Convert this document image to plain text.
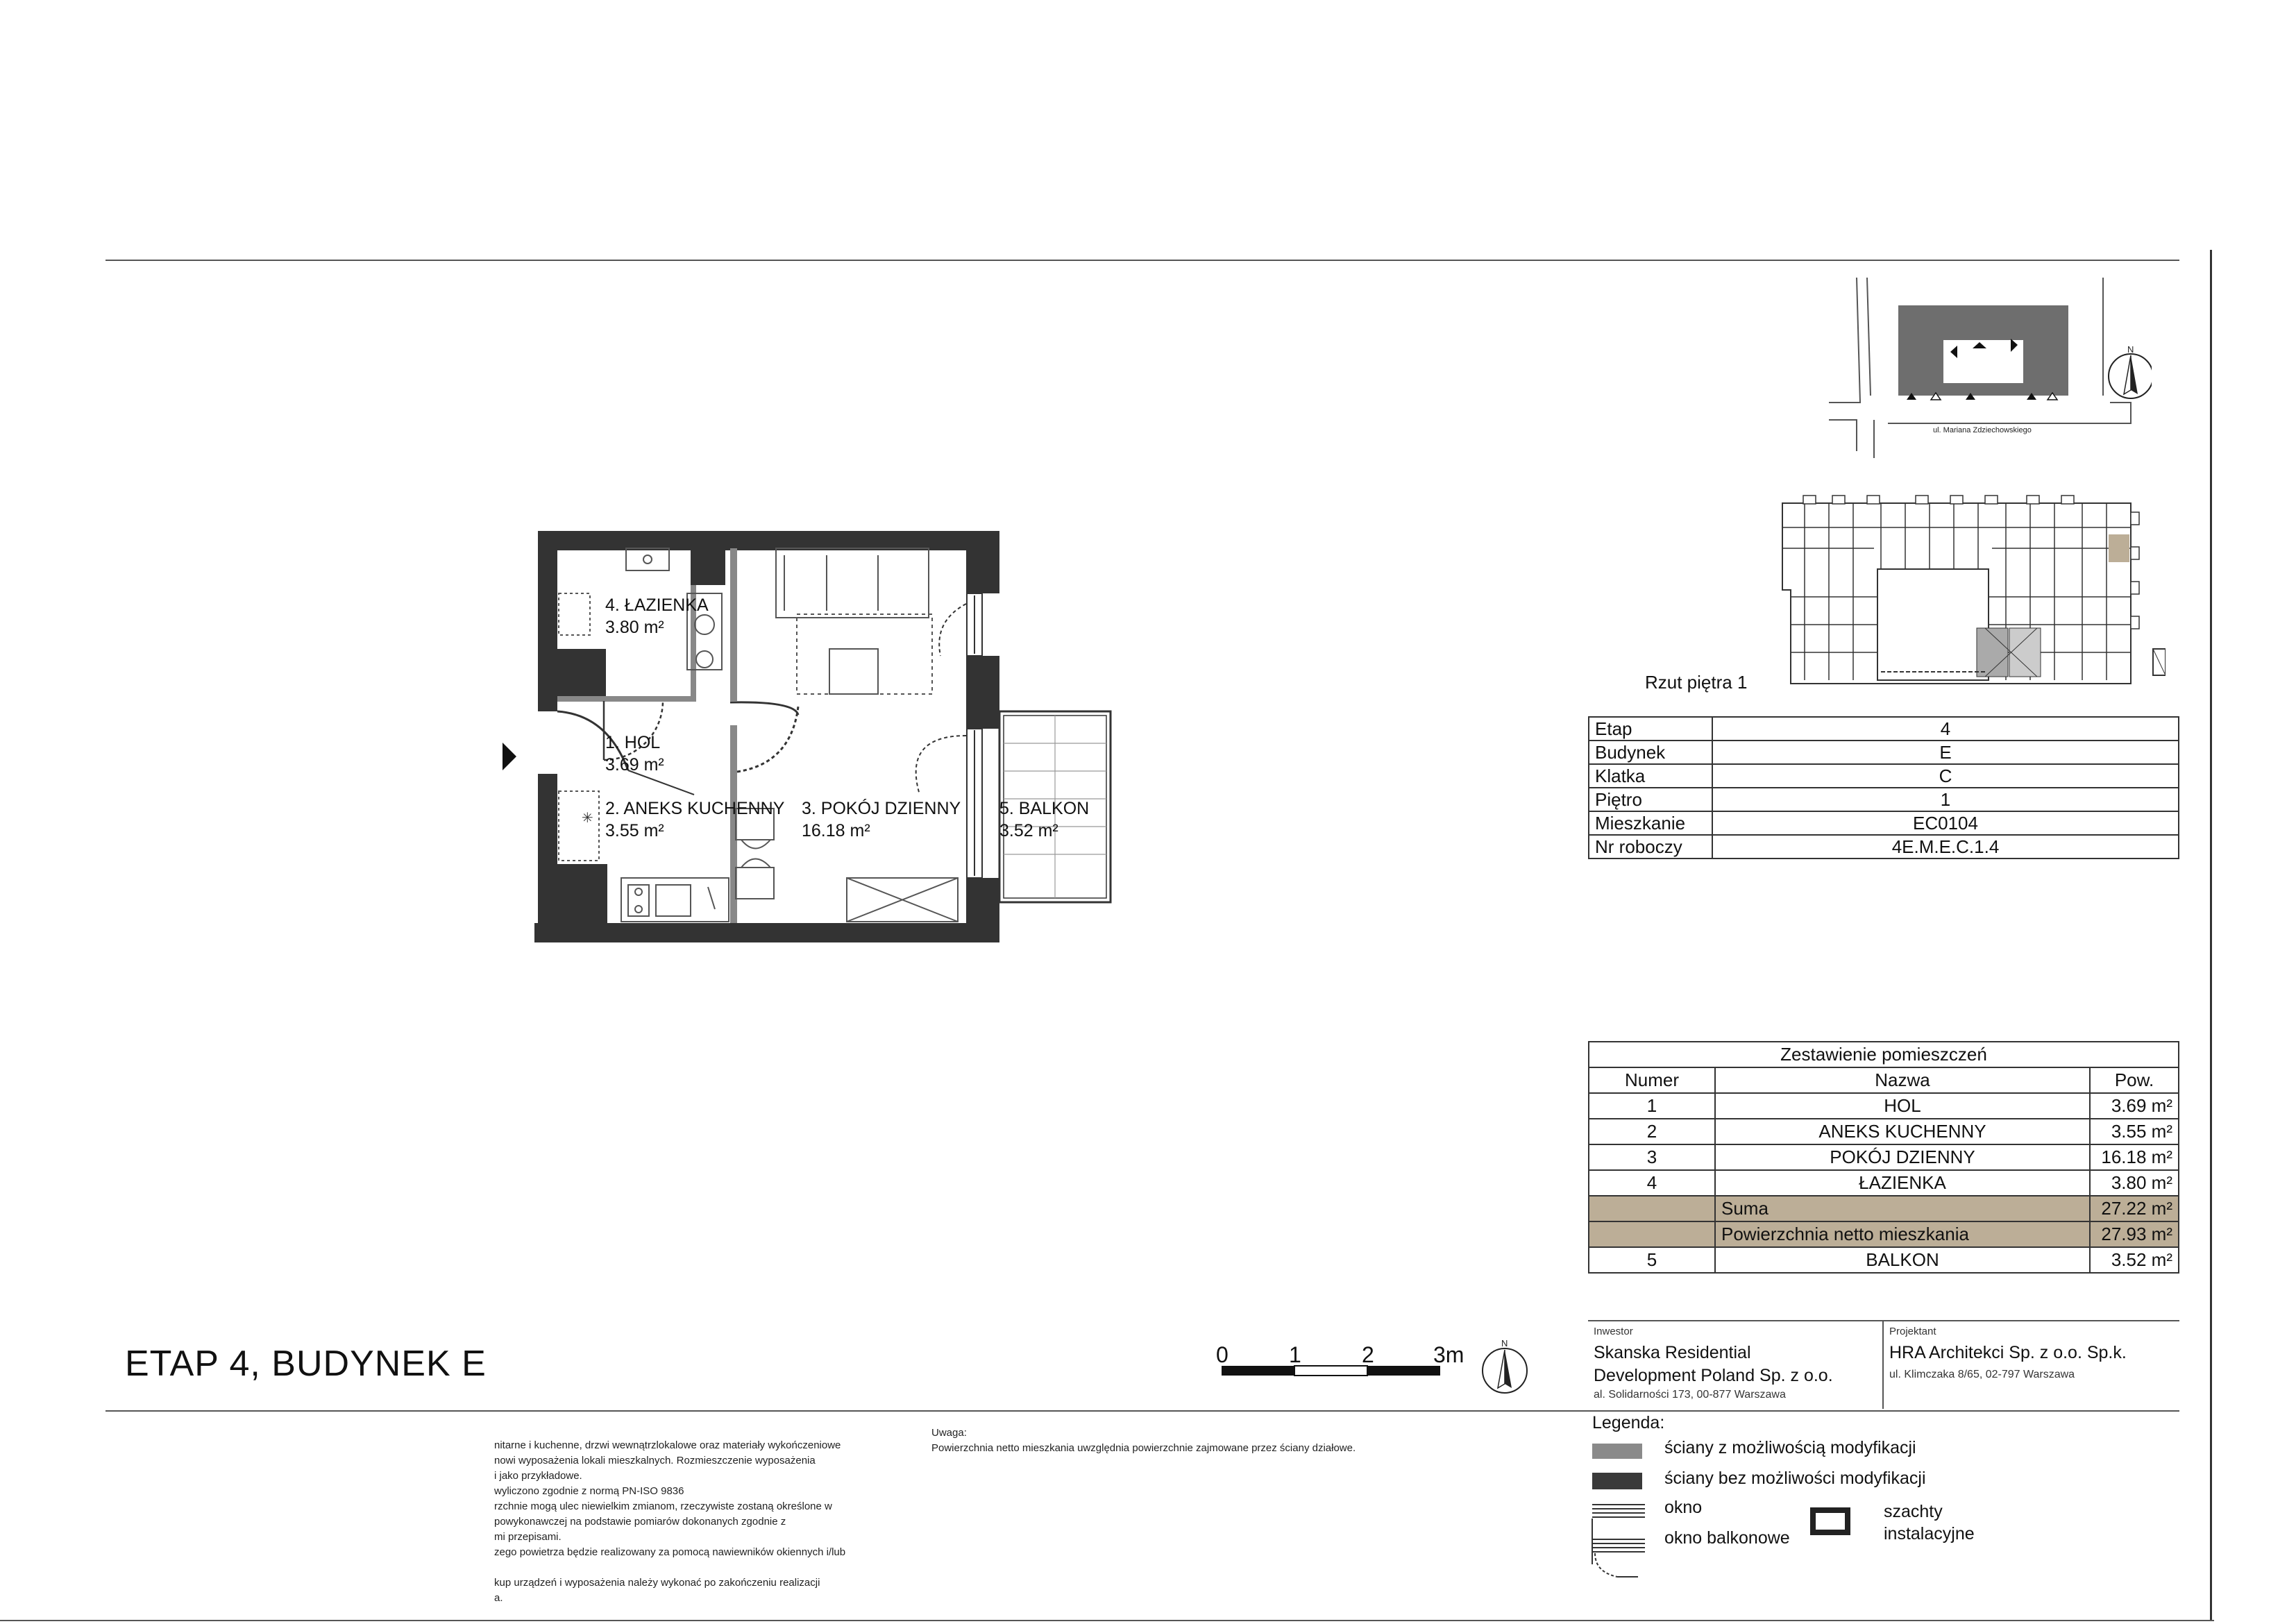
✳
4. ŁAZIENKA
3.80 m²
1. HOL
3.69 m²
2. ANEKS KUCHENNY
3.55 m²
3. POKÓJ DZIENNY
16.18 m²
5. BALKON
3.52 m²
ul. Mariana Zdziechowskiego
N
Rzut piętra 1
Etap	4
Budynek	E
Klatka	C
Piętro	1
Mieszkanie	EC0104
Nr roboczy	4E.M.E.C.1.4
Zestawienie pomieszczeń		
Numer	Nazwa	Pow.
1	HOL	3.69 m²
2	ANEKS KUCHENNY	3.55 m²
3	POKÓJ DZIENNY	16.18 m²
4	ŁAZIENKA	3.80 m²
	Suma	27.22 m²
	Powierzchnia netto mieszkania	27.93 m²
5	BALKON	3.52 m²
ETAP 4, BUDYNEK E	0	1	2	3m	N
nitarne i kuchenne, drzwi wewnątrzlokalowe oraz materiały wykończeniowe
nowi wyposażenia lokali mieszkalnych. Rozmieszczenie wyposażenia
i jako przykładowe.
wyliczono zgodnie z normą PN-ISO 9836
rzchnie mogą ulec niewielkim zmianom, rzeczywiste zostaną określone w
powykonawczej na podstawie pomiarów dokonanych zgodnie z
mi przepisami.
zego powietrza będzie realizowany za pomocą nawiewników okiennych i/lub
kup urządzeń i wyposażenia należy wykonać po zakończeniu realizacji
a.
Uwaga:
Powierzchnia netto mieszkania uwzględnia powierzchnie zajmowane przez ściany działowe.
Inwestor
Skanska Residential
Development Poland Sp. z o.o.
al. Solidarności 173, 00-877 Warszawa
Projektant
HRA Architekci Sp. z o.o. Sp.k.
ul. Klimczaka 8/65, 02-797 Warszawa
Legenda:
ściany z możliwością modyfikacji
ściany bez możliwości modyfikacji
okno
okno balkonowe
szachty
instalacyjne
